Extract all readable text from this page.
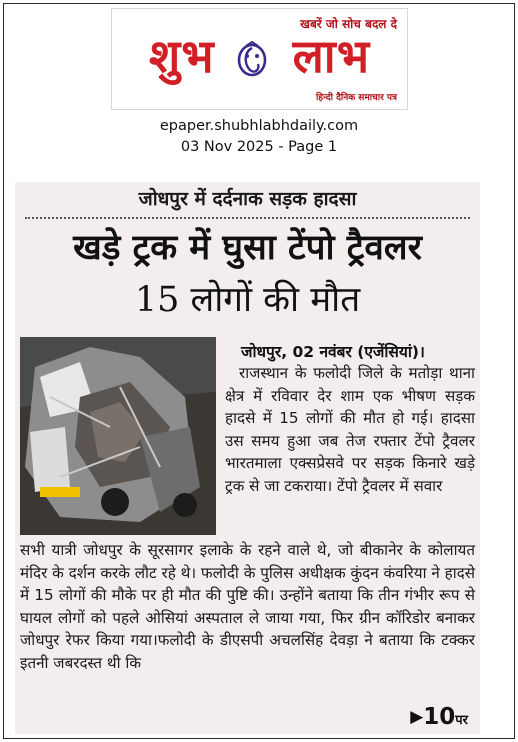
खबरें जो सोच बदल दे
शुभ लाभ
हिन्दी दैनिक समाचार पत्र
epaper.shubhlabhdaily.com
03 Nov 2025 - Page 1
जोधपुर में दर्दनाक सड़क हादसा
खड़े ट्रक में घुसा टेंपो ट्रैवलर
15 लोगों की मौत
जोधपुर, 02 नवंबर (एजेंसियां)।
राजस्थान के फलोदी जिले के मतोड़ा थाना क्षेत्र में रविवार देर शाम एक भीषण सड़क हादसे में 15 लोगों की मौत हो गई। हादसा उस समय हुआ जब तेज रफ्तार टेंपो ट्रैवलर भारतमाला एक्सप्रेसवे पर सड़क किनारे खड़े ट्रक से जा टकराया। टेंपो ट्रैवलर में सवार
सभी यात्री जोधपुर के सूरसागर इलाके के रहने वाले थे, जो बीकानेर के कोलायत मंदिर के दर्शन करके लौट रहे थे। फलोदी के पुलिस अधीक्षक कुंदन कंवरिया ने हादसे में 15 लोगों की मौके पर ही मौत की पुष्टि की। उन्होंने बताया कि तीन गंभीर रूप से घायल लोगों को पहले ओसियां अस्पताल ले जाया गया, फिर ग्रीन कॉरिडोर बनाकर जोधपुर रेफर किया गया।फलोदी के डीएसपी अचलसिंह देवड़ा ने बताया कि टक्कर इतनी जबरदस्त थी कि
▶10पर
